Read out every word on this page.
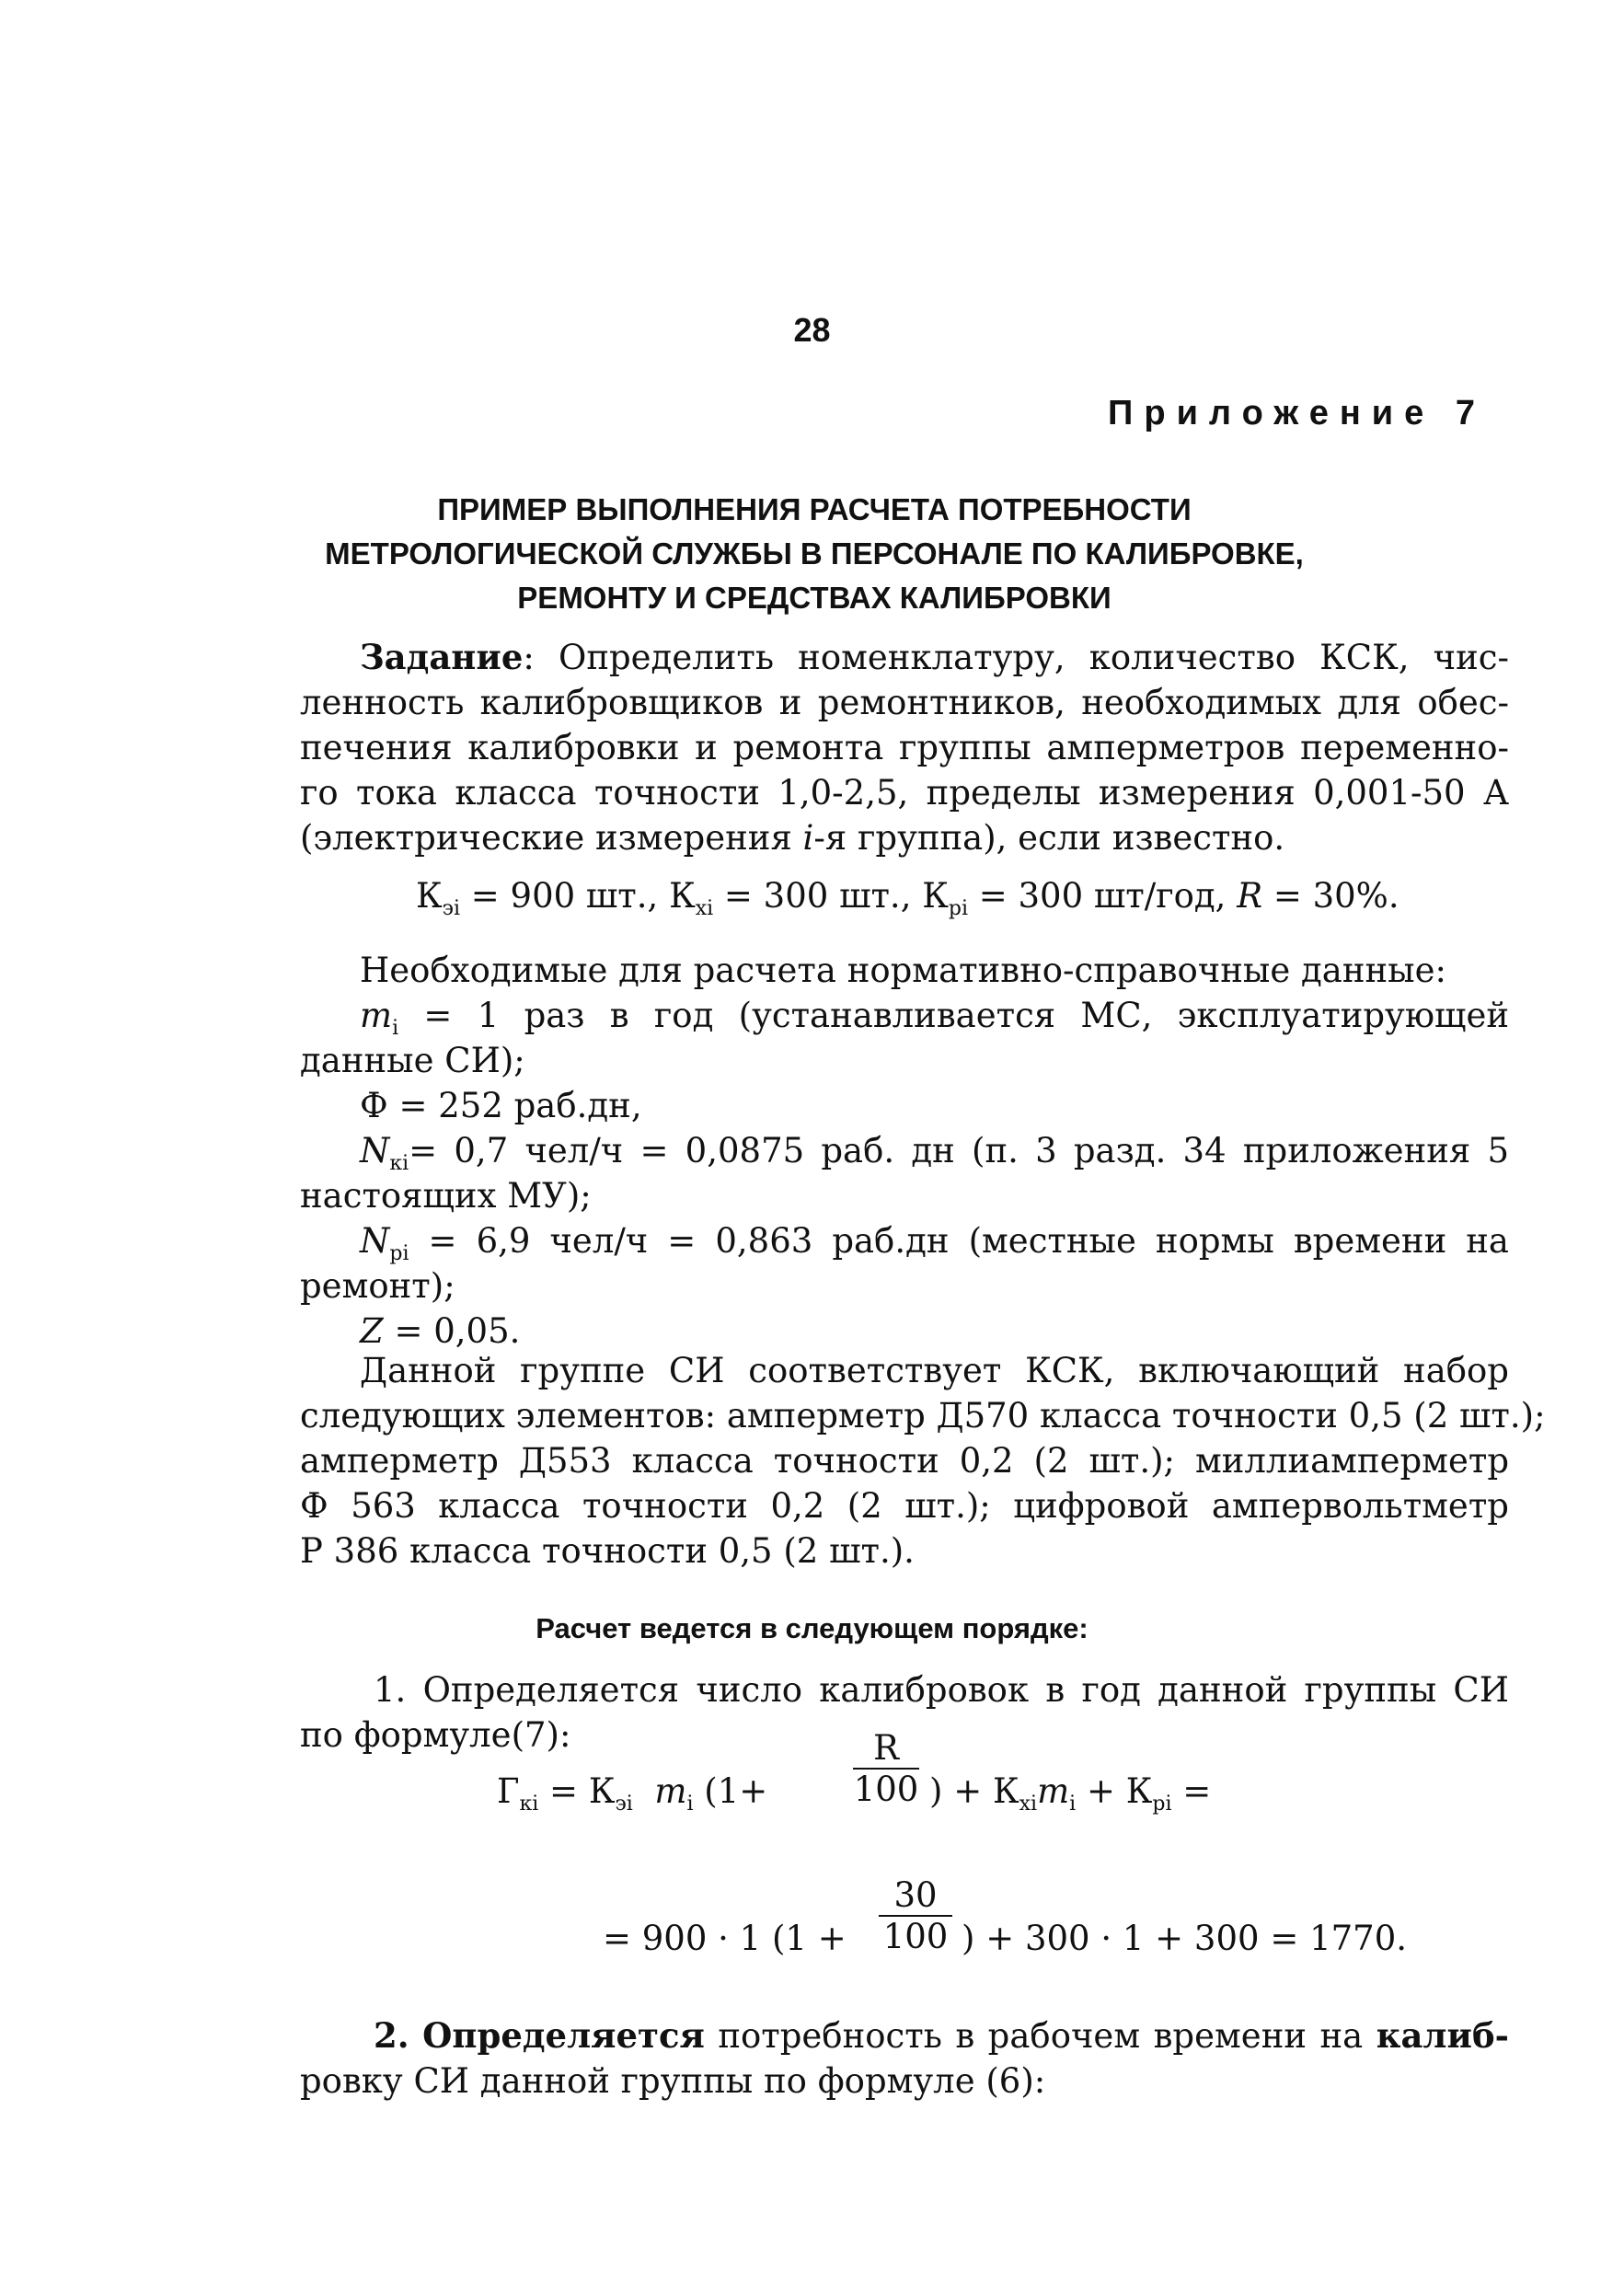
28
Приложение 7
ПРИМЕР ВЫПОЛНЕНИЯ РАСЧЕТА ПОТРЕБНОСТИ
МЕТРОЛОГИЧЕСКОЙ СЛУЖБЫ В ПЕРСОНАЛЕ ПО КАЛИБРОВКЕ,
РЕМОНТУ И СРЕДСТВАХ КАЛИБРОВКИ
Задание: Определить номенклатуру, количество КСК, чис-
ленность калибровщиков и ремонтников, необходимых для обес-
печения калибровки и ремонта группы амперметров переменно-
го тока класса точности 1,0-2,5, пределы измерения 0,001-50 А
(электрические измерения i-я группа), если известно.
$К_{эi} = 900$ шт., $К_{xi} = 300$ шт., $К_{pi} = 300$ шт/год, R = 30%.
Необходимые для расчета нормативно-справочные данные:
$m_i = 1$ раз в год (устанавливается МС, эксплуатирующей
данные СИ);
Ф = 252 раб.дн,
$N_{кi}= 0,7$ чел/ч = 0,0875 раб. дн (п. 3 разд. 34 приложения 5
настоящих МУ);
$N_{pi} = 6,9$ чел/ч = 0,863 раб.дн (местные нормы времени на
ремонт);
Z = 0,05.
Данной группе СИ соответствует КСК, включающий набор
следующих элементов: амперметр Д570 класса точности 0,5 (2 шт.);
амперметр Д553 класса точности 0,2 (2 шт.); миллиамперметр
Ф 563 класса точности 0,2 (2 шт.); цифровой ампервольтметр
Р 386 класса точности 0,5 (2 шт.).
Расчет ведется в следующем порядке:
1. Определяется число калибровок в год данной группы СИ
по формуле(7):	$\frac{R}{100}$
$Г_{кi} = К_{эi}$ $m_i$ (1+	) + $К_{xi}m_i + К_{pi}$ =
$\frac{30}{100}$
= 900 · 1 (1 +	) + 300 · 1 + 300 = 1770.
2. Определяется потребность в рабочем времени на калиб-
ровку СИ данной группы по формуле (6):
